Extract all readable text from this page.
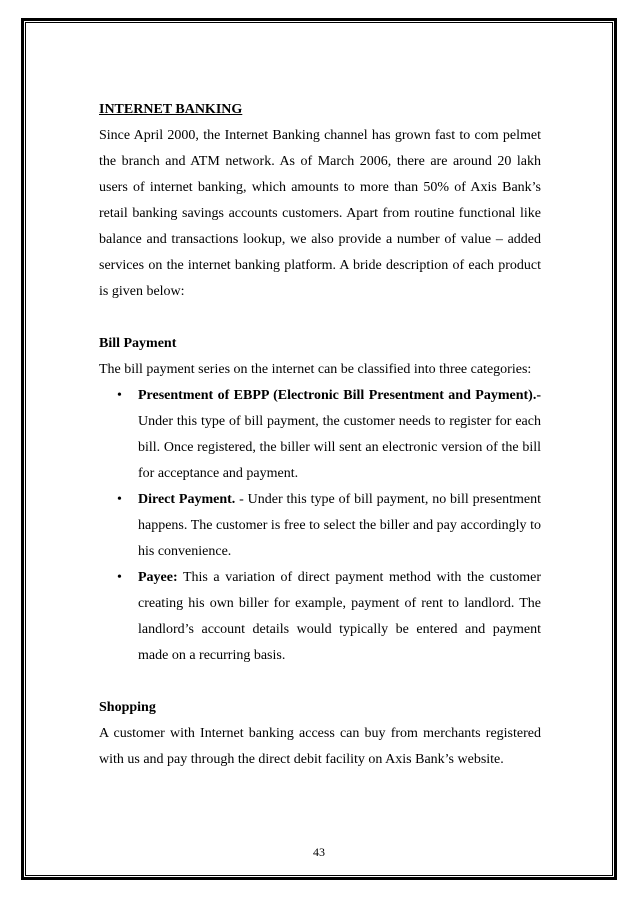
INTERNET BANKING

Since April 2000, the Internet Banking channel has grown fast to com pelmet the branch and ATM network. As of March 2006, there are around 20 lakh users of internet banking, which amounts to more than 50% of Axis Bank’s retail banking savings accounts customers. Apart from routine functional like balance and transactions lookup, we also provide a number of value – added services on the internet banking platform. A bride description of each product is given below:

Bill Payment

The bill payment series on the internet can be classified into three categories:

• Presentment of EBPP (Electronic Bill Presentment and Payment).- Under this type of bill payment, the customer needs to register for each bill. Once registered, the biller will sent an electronic version of the bill for acceptance and payment.
• Direct Payment. - Under this type of bill payment, no bill presentment happens. The customer is free to select the biller and pay accordingly to his convenience.
• Payee: This a variation of direct payment method with the customer creating his own biller for example, payment of rent to landlord. The landlord’s account details would typically be entered and payment made on a recurring basis.

Shopping

A customer with Internet banking access can buy from merchants registered with us and pay through the direct debit facility on Axis Bank’s website.

43
